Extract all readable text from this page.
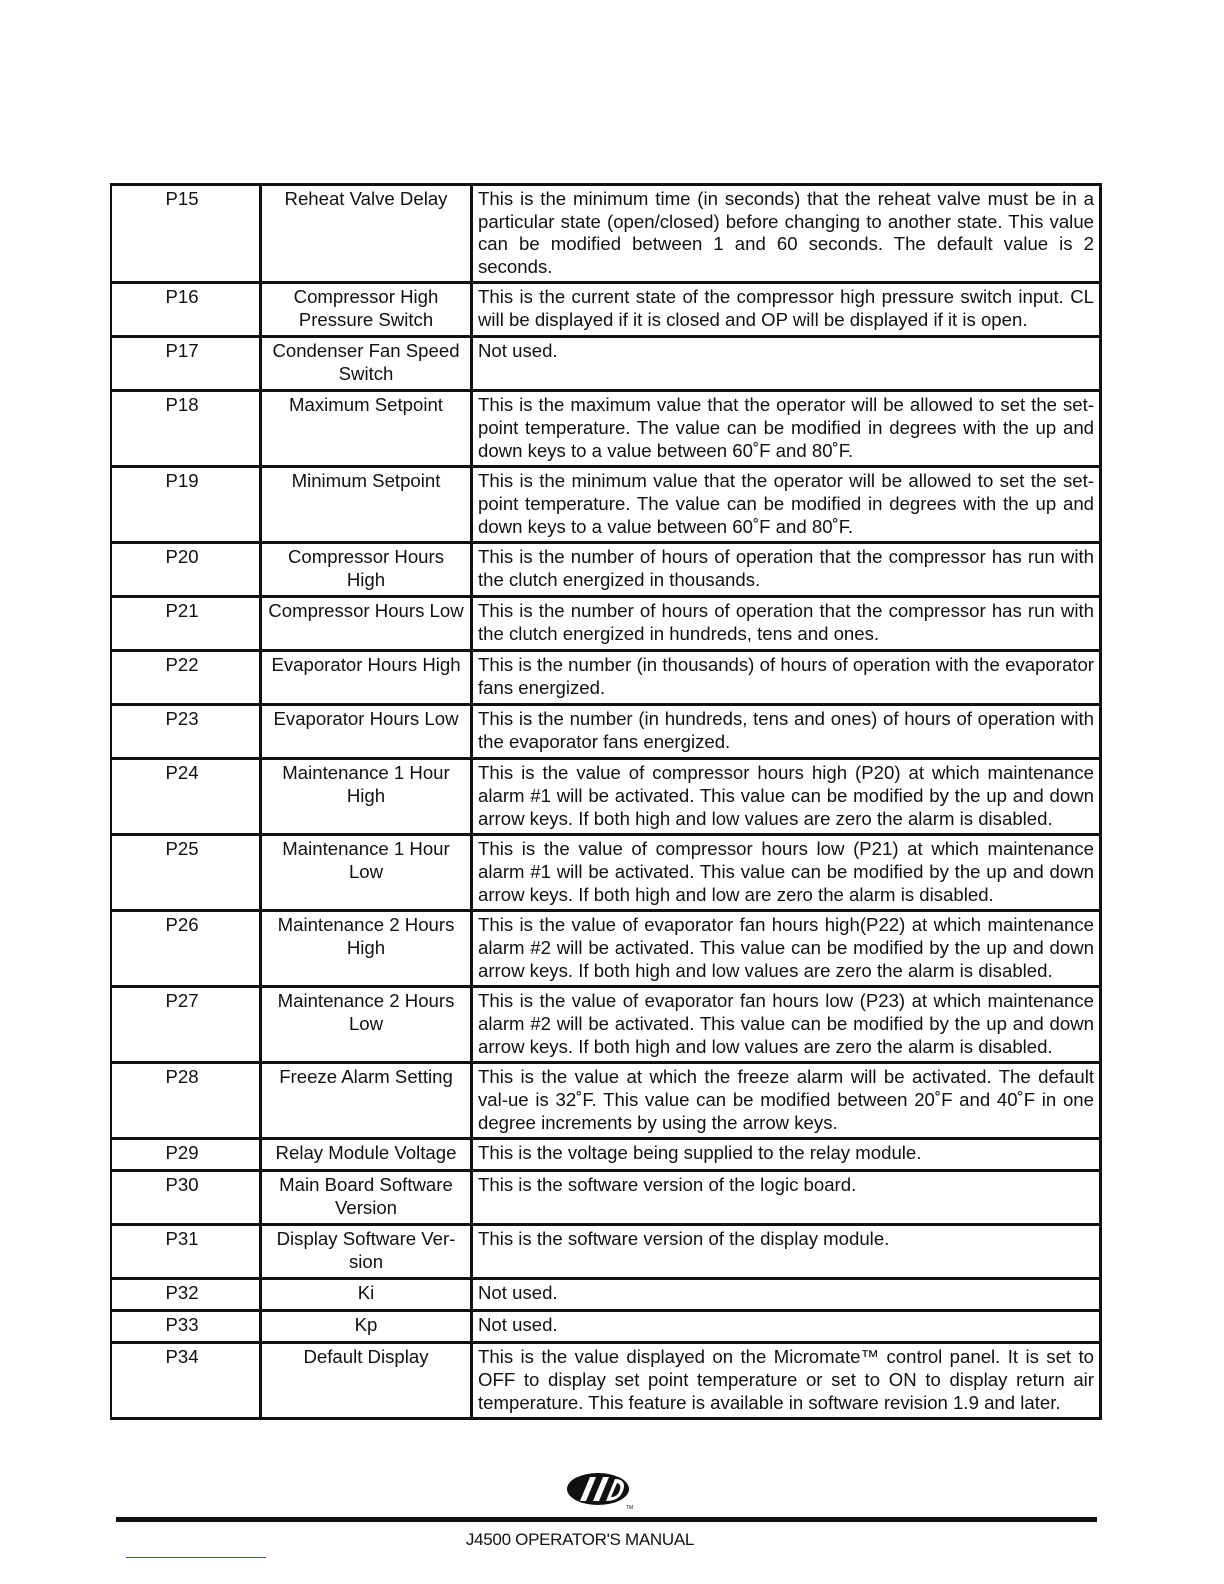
P15	Reheat Valve Delay	This is the minimum time (in seconds) that the reheat valve must be in a particular state (open/closed) before changing to another state. This value can be modified between 1 and 60 seconds. The default value is 2 seconds.
P16	Compressor High Pressure Switch	This is the current state of the compressor high pressure switch input. CL will be displayed if it is closed and OP will be displayed if it is open.
P17	Condenser Fan Speed Switch	Not used.
P18	Maximum Setpoint	This is the maximum value that the operator will be allowed to set the set-point temperature. The value can be modified in degrees with the up and down keys to a value between 60˚F and 80˚F.
P19	Minimum Setpoint	This is the minimum value that the operator will be allowed to set the set-point temperature. The value can be modified in degrees with the up and down keys to a value between 60˚F and 80˚F.
P20	Compressor Hours High	This is the number of hours of operation that the compressor has run with the clutch energized in thousands.
P21	Compressor Hours Low	This is the number of hours of operation that the compressor has run with the clutch energized in hundreds, tens and ones.
P22	Evaporator Hours High	This is the number (in thousands) of hours of operation with the evaporator fans energized.
P23	Evaporator Hours Low	This is the number (in hundreds, tens and ones) of hours of operation with the evaporator fans energized.
P24	Maintenance 1 Hour High	This is the value of compressor hours high (P20) at which maintenance alarm #1 will be activated. This value can be modified by the up and down arrow keys. If both high and low values are zero the alarm is disabled.
P25	Maintenance 1 Hour Low	This is the value of compressor hours low (P21) at which maintenance alarm #1 will be activated. This value can be modified by the up and down arrow keys. If both high and low are zero the alarm is disabled.
P26	Maintenance 2 Hours High	This is the value of evaporator fan hours high(P22) at which maintenance alarm #2 will be activated. This value can be modified by the up and down arrow keys. If both high and low values are zero the alarm is disabled.
P27	Maintenance 2 Hours Low	This is the value of evaporator fan hours low (P23) at which maintenance alarm #2 will be activated. This value can be modified by the up and down arrow keys. If both high and low values are zero the alarm is disabled.
P28	Freeze Alarm Setting	This is the value at which the freeze alarm will be activated. The default val-ue is 32˚F. This value can be modified between 20˚F and 40˚F in one degree increments by using the arrow keys.
P29	Relay Module Voltage	This is the voltage being supplied to the relay module.
P30	Main Board Software Version	This is the software version of the logic board.
P31	Display Software Ver-sion	This is the software version of the display module.
P32	Ki	Not used.
P33	Kp	Not used.
P34	Default Display	This is the value displayed on the Micromate™ control panel. It is set to OFF to display set point temperature or set to ON to display return air temperature. This feature is available in software revision 1.9 and later.
TM
J4500 OPERATOR'S MANUAL
